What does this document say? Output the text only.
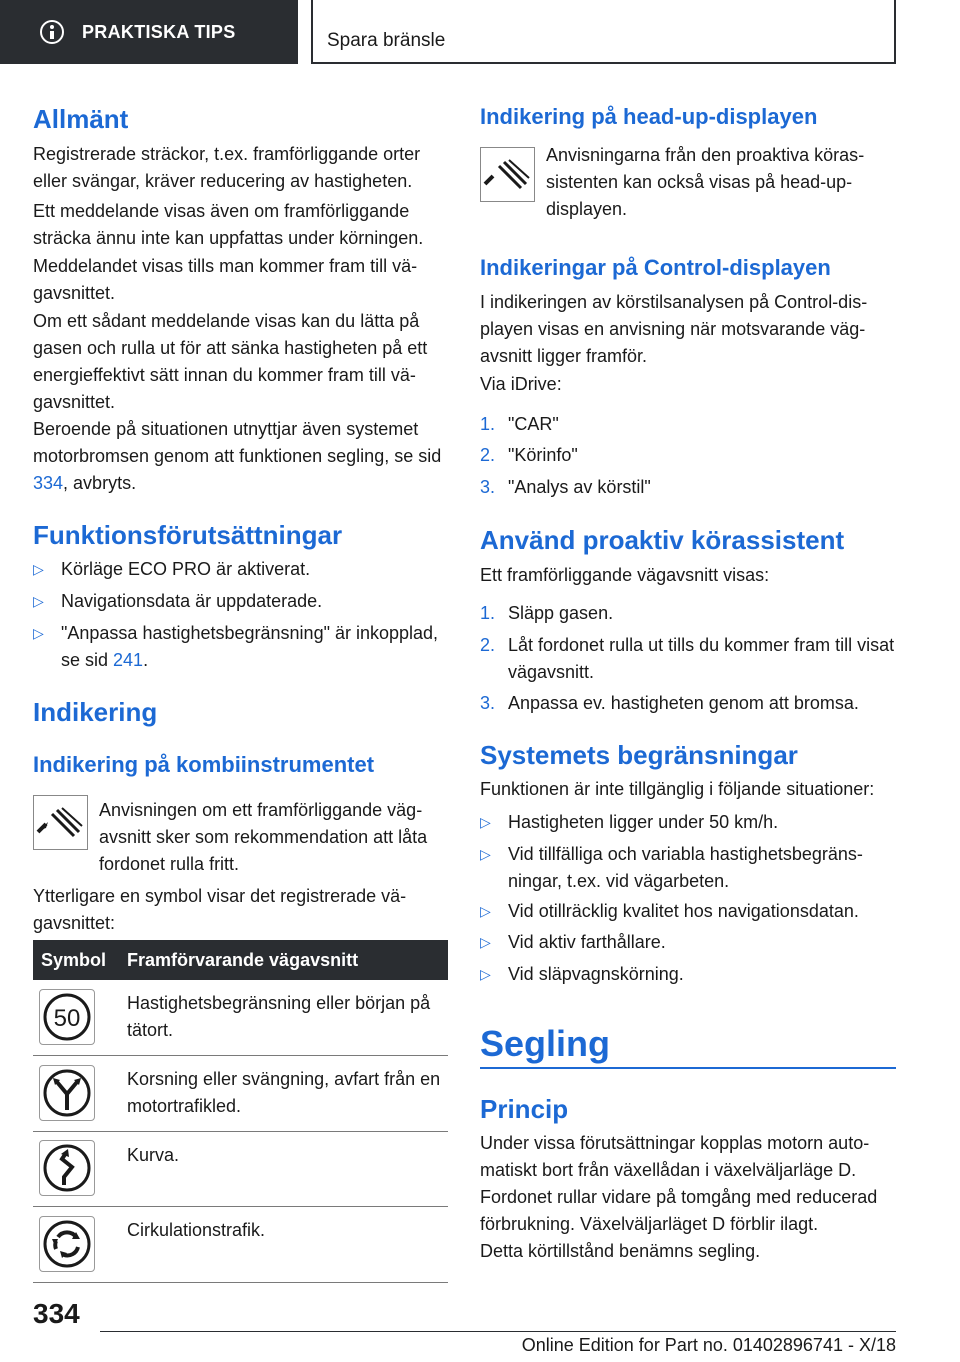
PRAKTISKA TIPS	Spara bränsle
Allmänt
Registrerade sträckor, t.ex. framförliggande orter eller svängar, kräver reducering av hastigheten.
Ett meddelande visas även om framförliggande sträcka ännu inte kan uppfattas under körningen.
Meddelandet visas tills man kommer fram till vägavsnittet.
Om ett sådant meddelande visas kan du lätta på gasen och rulla ut för att sänka hastigheten på ett energieffektivt sätt innan du kommer fram till vägavsnittet.
Beroende på situationen utnyttjar även systemet motorbromsen genom att funktionen segling, se sid 334, avbryts.
Funktionsförutsättningar
▷ Körläge ECO PRO är aktiverat.
▷ Navigationsdata är uppdaterade.
▷ "Anpassa hastighetsbegränsning" är inkopplad, se sid 241.
Indikering
Indikering på kombiinstrumentet
Anvisningen om ett framförliggande vägavsnitt sker som rekommendation att låta fordonet rulla fritt.
Ytterligare en symbol visar det registrerade vägavsnittet:
Symbol Framförvarande vägavsnitt
50
Hastighetsbegränsning eller början på tätort.
Korsning eller svängning, avfart från en motortrafikled.
Kurva.
Cirkulationstrafik.
Indikering på head-up-displayen
Anvisningarna från den proaktiva körassistenten kan också visas på head-up-displayen.
Indikeringar på Control-displayen
I indikeringen av körstilsanalysen på Control-displayen visas en anvisning när motsvarande vägavsnitt ligger framför.
Via iDrive:
1. "CAR"
2. "Körinfo"
3. "Analys av körstil"
Använd proaktiv körassistent
Ett framförliggande vägavsnitt visas:
1. Släpp gasen.
2. Låt fordonet rulla ut tills du kommer fram till visat vägavsnitt.
3. Anpassa ev. hastigheten genom att bromsa.
Systemets begränsningar
Funktionen är inte tillgänglig i följande situationer:
▷ Hastigheten ligger under 50 km/h.
▷ Vid tillfälliga och variabla hastighetsbegränsningar, t.ex. vid vägarbeten.
▷ Vid otillräcklig kvalitet hos navigationsdatan.
▷ Vid aktiv farthållare.
▷ Vid släpvagnskörning.
Segling
Princip
Under vissa förutsättningar kopplas motorn automatiskt bort från växellådan i växelväljarläge D. Fordonet rullar vidare på tomgång med reducerad förbrukning. Växelväljarläget D förblir ilagt.
Detta körtillstånd benämns segling.
334
Online Edition for Part no. 01402896741 - X/18
